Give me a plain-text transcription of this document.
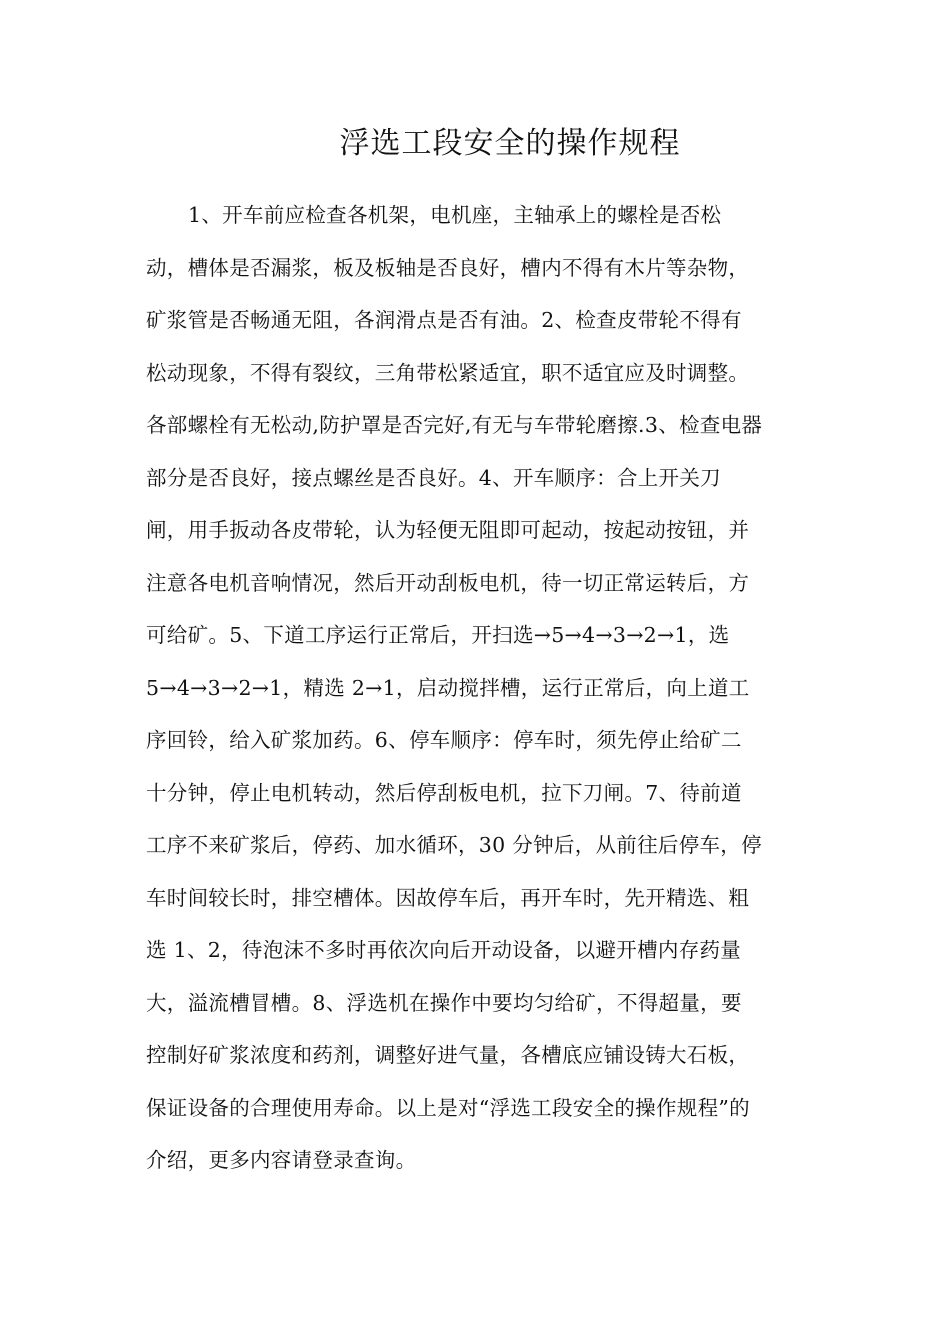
浮选工段安全的操作规程
1、开车前应检查各机架，电机座，主轴承上的螺栓是否松
动，槽体是否漏浆，板及板轴是否良好，槽内不得有木片等杂物，
矿浆管是否畅通无阻，各润滑点是否有油。2、检查皮带轮不得有
松动现象，不得有裂纹，三角带松紧适宜，职不适宜应及时调整。
各部螺栓有无松动,防护罩是否完好,有无与车带轮磨擦.3、检查电器
部分是否良好，接点螺丝是否良好。4、开车顺序：合上开关刀
闸，用手扳动各皮带轮，认为轻便无阻即可起动，按起动按钮，并
注意各电机音响情况，然后开动刮板电机，待一切正常运转后，方
可给矿。5、下道工序运行正常后，开扫选→5→4→3→2→1，选
5→4→3→2→1，精选 2→1，启动搅拌槽，运行正常后，向上道工
序回铃，给入矿浆加药。6、停车顺序：停车时，须先停止给矿二
十分钟，停止电机转动，然后停刮板电机，拉下刀闸。7、待前道
工序不来矿浆后，停药、加水循环，30 分钟后，从前往后停车，停
车时间较长时，排空槽体。因故停车后，再开车时，先开精选、粗
选 1、2，待泡沫不多时再依次向后开动设备，以避开槽内存药量
大，溢流槽冒槽。8、浮选机在操作中要均匀给矿，不得超量，要
控制好矿浆浓度和药剂，调整好进气量，各槽底应铺设铸大石板，
保证设备的合理使用寿命。以上是对“浮选工段安全的操作规程”的
介绍，更多内容请登录查询。
